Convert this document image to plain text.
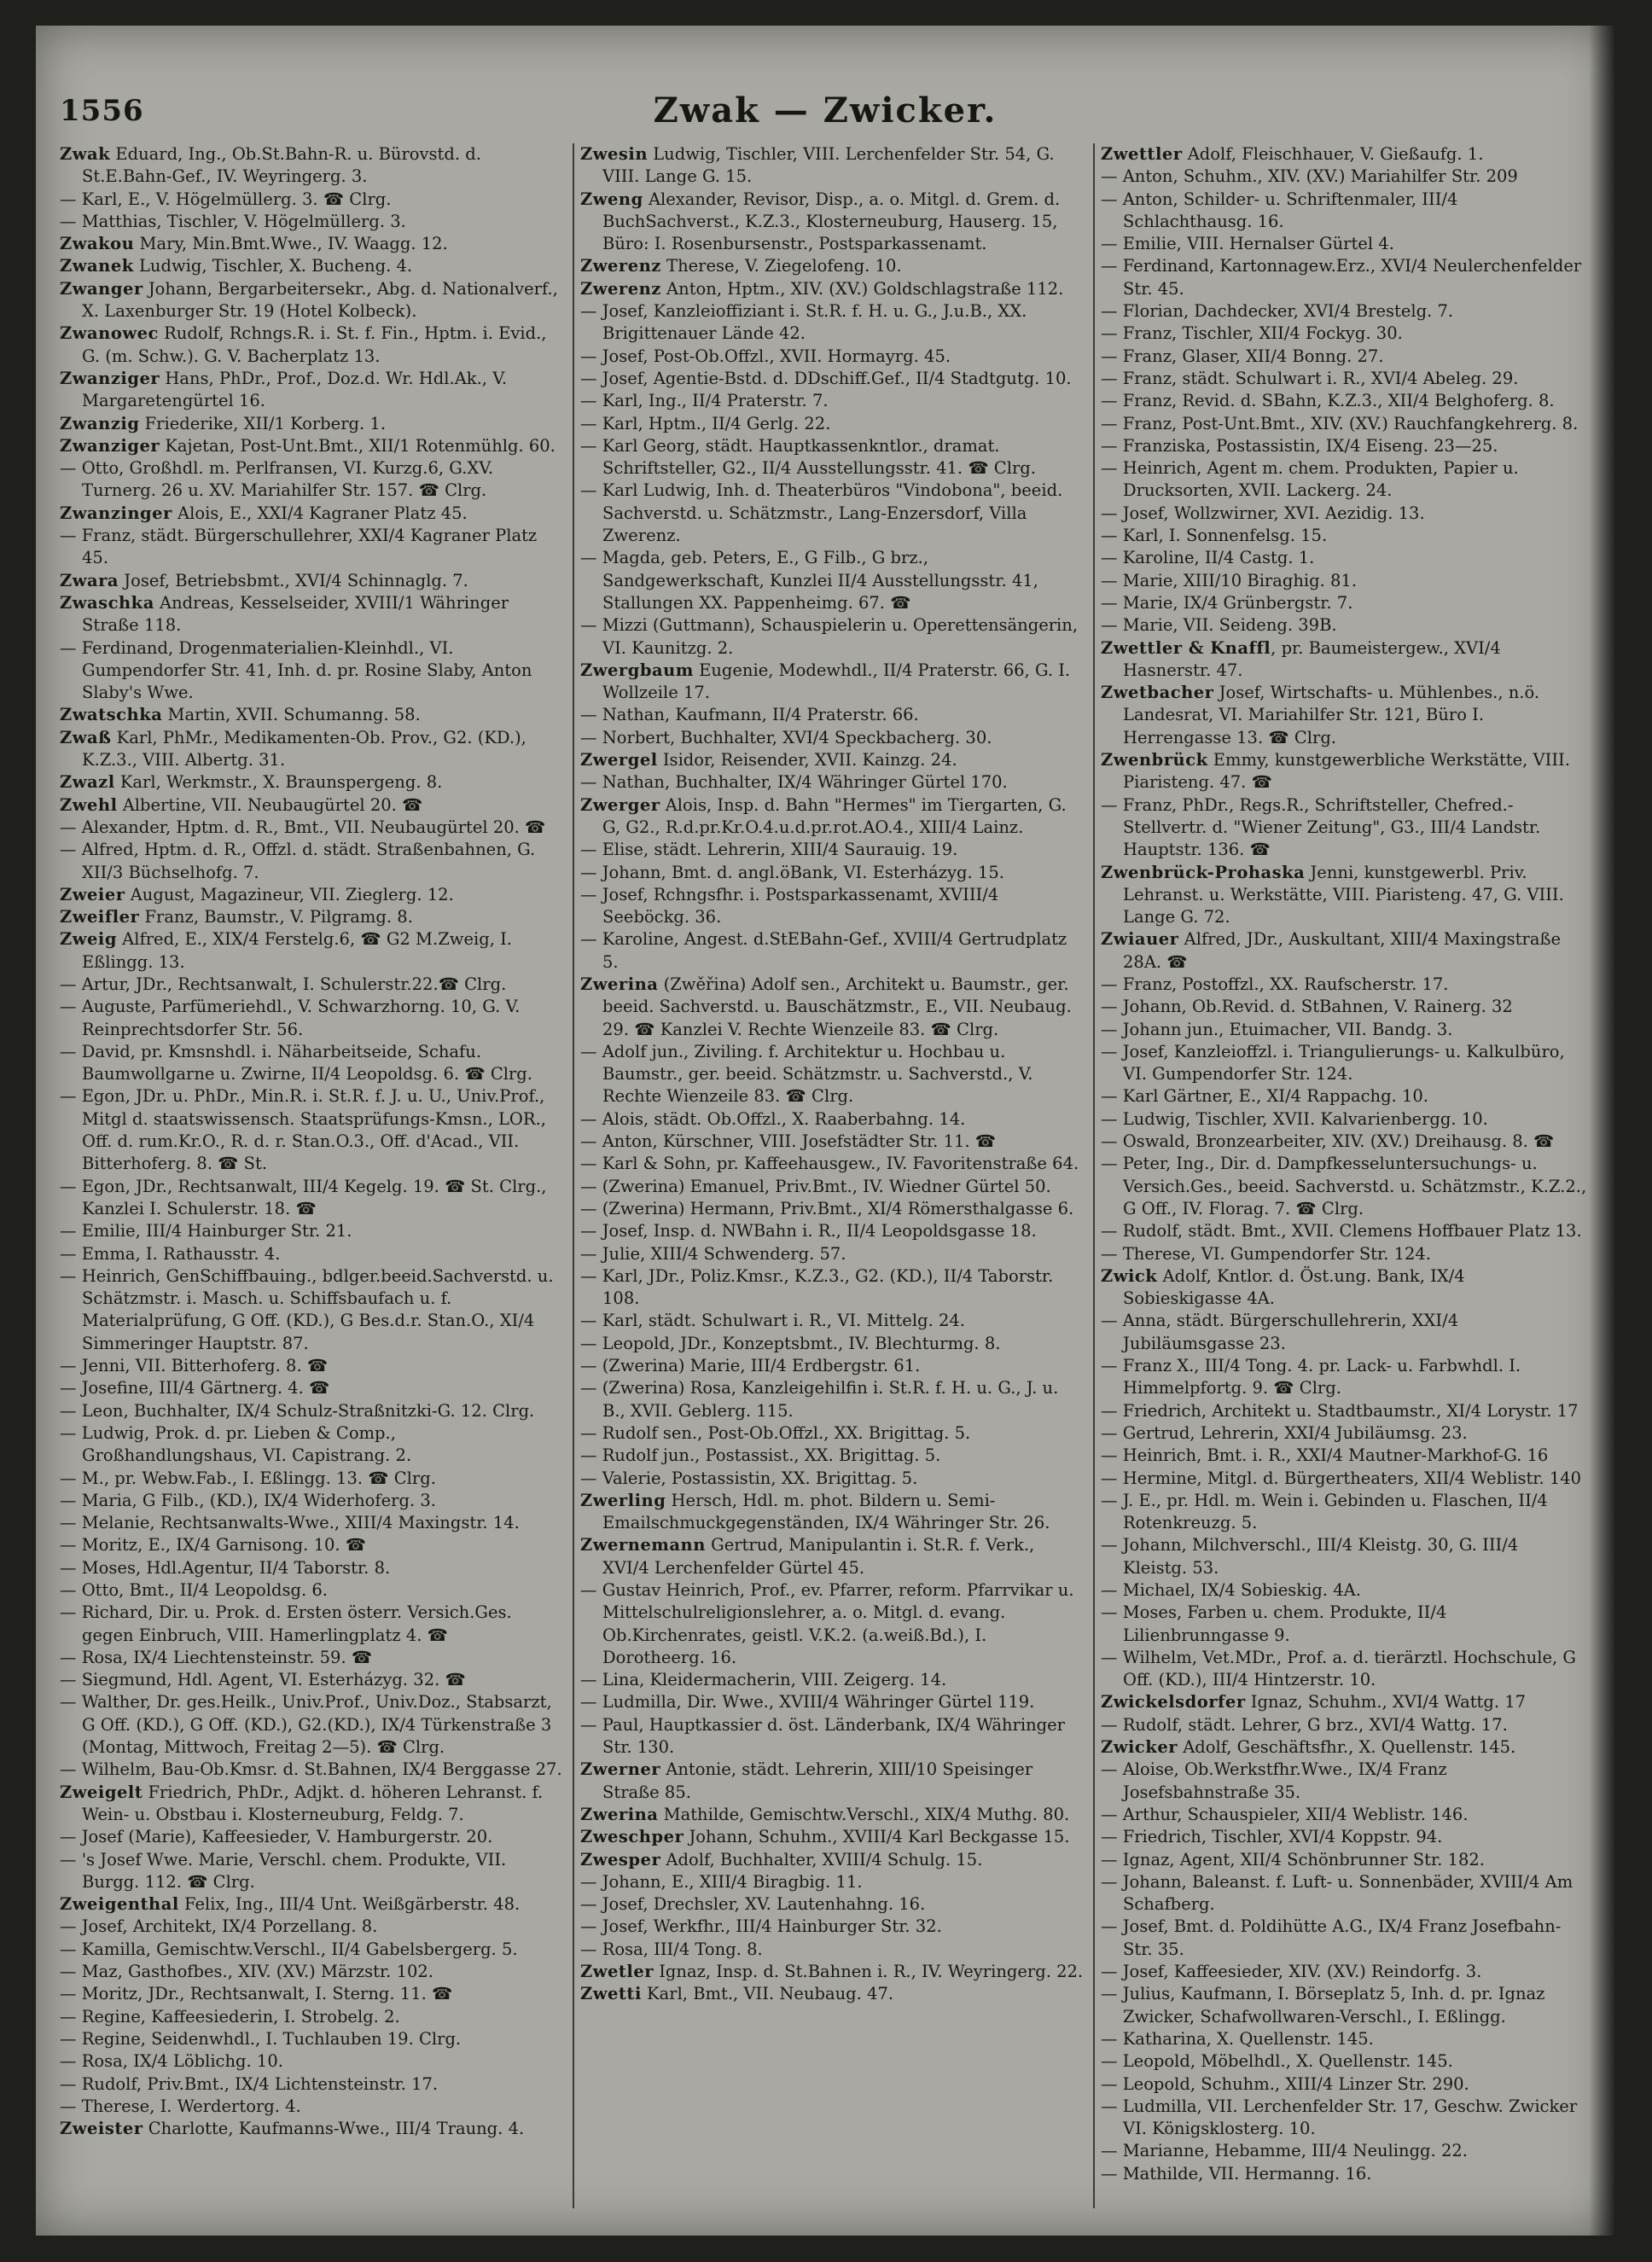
1556	Zwak — Zwicker.

Zwak Eduard, Ing., Ob.St.Bahn-R. u. Bürovstd. d. St.E.Bahn-Gef., IV. Weyringerg. 3.

— Karl, E., V. Högelmüllerg. 3. ☎ Clrg.

— Matthias, Tischler, V. Högelmüllerg. 3.

Zwakou Mary, Min.Bmt.Wwe., IV. Waagg. 12.

Zwanek Ludwig, Tischler, X. Bucheng. 4.

Zwanger Johann, Bergarbeitersekr., Abg. d. Nationalverf., X. Laxenburger Str. 19 (Hotel Kolbeck).

Zwanowec Rudolf, Rchngs.R. i. St. f. Fin., Hptm. i. Evid., G. (m. Schw.). G. V. Bacherplatz 13.

Zwanziger Hans, PhDr., Prof., Doz.d. Wr. Hdl.Ak., V. Margaretengürtel 16.

Zwanzig Friederike, XII/1 Korberg. 1.

Zwanziger Kajetan, Post-Unt.Bmt., XII/1 Rotenmühlg. 60.

— Otto, Großhdl. m. Perlfransen, VI. Kurzg.6, G.XV. Turnerg. 26 u. XV. Mariahilfer Str. 157. ☎ Clrg.

Zwanzinger Alois, E., XXI/4 Kagraner Platz 45.

— Franz, städt. Bürgerschullehrer, XXI/4 Kagraner Platz 45.

Zwara Josef, Betriebsbmt., XVI/4 Schinnaglg. 7.

Zwaschka Andreas, Kesselseider, XVIII/1 Währinger Straße 118.

— Ferdinand, Drogenmaterialien-Kleinhdl., VI. Gumpendorfer Str. 41, Inh. d. pr. Rosine Slaby, Anton Slaby's Wwe.

Zwatschka Martin, XVII. Schumanng. 58.

Zwaß Karl, PhMr., Medikamenten-Ob. Prov., G2. (KD.), K.Z.3., VIII. Albertg. 31.

Zwazl Karl, Werkmstr., X. Braunspergeng. 8.

Zwehl Albertine, VII. Neubaugürtel 20. ☎

— Alexander, Hptm. d. R., Bmt., VII. Neubaugürtel 20. ☎

— Alfred, Hptm. d. R., Offzl. d. städt. Straßenbahnen, G. XII/3 Büchselhofg. 7.

Zweier August, Magazineur, VII. Zieglerg. 12.

Zweifler Franz, Baumstr., V. Pilgramg. 8.

Zweig Alfred, E., XIX/4 Ferstelg.6, ☎ G2 M.Zweig, I. Eßlingg. 13.

— Artur, JDr., Rechtsanwalt, I. Schulerstr.22.☎ Clrg.

— Auguste, Parfümeriehdl., V. Schwarzhorng. 10, G. V. Reinprechtsdorfer Str. 56.

— David, pr. Kmsnshdl. i. Näharbeitseide, Schafu. Baumwollgarne u. Zwirne, II/4 Leopoldsg. 6. ☎ Clrg.

— Egon, JDr. u. PhDr., Min.R. i. St.R. f. J. u. U., Univ.Prof., Mitgl d. staatswissensch. Staatsprüfungs-Kmsn., LOR., Off. d. rum.Kr.O., R. d. r. Stan.O.3., Off. d'Acad., VII. Bitterhoferg. 8. ☎ St.

— Egon, JDr., Rechtsanwalt, III/4 Kegelg. 19. ☎ St. Clrg., Kanzlei I. Schulerstr. 18. ☎

— Emilie, III/4 Hainburger Str. 21.

— Emma, I. Rathausstr. 4.

— Heinrich, GenSchiffbauing., bdlger.beeid.Sachverstd. u. Schätzmstr. i. Masch. u. Schiffsbaufach u. f. Materialprüfung, G Off. (KD.), G Bes.d.r. Stan.O., XI/4 Simmeringer Hauptstr. 87.

— Jenni, VII. Bitterhoferg. 8. ☎

— Josefine, III/4 Gärtnerg. 4. ☎

— Leon, Buchhalter, IX/4 Schulz-Straßnitzki-G. 12. Clrg.

— Ludwig, Prok. d. pr. Lieben & Comp., Großhandlungshaus, VI. Capistrang. 2.

— M., pr. Webw.Fab., I. Eßlingg. 13. ☎ Clrg.

— Maria, G Filb., (KD.), IX/4 Widerhoferg. 3.

— Melanie, Rechtsanwalts-Wwe., XIII/4 Maxingstr. 14.

— Moritz, E., IX/4 Garnisong. 10. ☎

— Moses, Hdl.Agentur, II/4 Taborstr. 8.

— Otto, Bmt., II/4 Leopoldsg. 6.

— Richard, Dir. u. Prok. d. Ersten österr. Versich.Ges. gegen Einbruch, VIII. Hamerlingplatz 4. ☎

— Rosa, IX/4 Liechtensteinstr. 59. ☎

— Siegmund, Hdl. Agent, VI. Esterházyg. 32. ☎

— Walther, Dr. ges.Heilk., Univ.Prof., Univ.Doz., Stabsarzt, G Off. (KD.), G Off. (KD.), G2.(KD.), IX/4 Türkenstraße 3 (Montag, Mittwoch, Freitag 2—5). ☎ Clrg.

— Wilhelm, Bau-Ob.Kmsr. d. St.Bahnen, IX/4 Berggasse 27.

Zweigelt Friedrich, PhDr., Adjkt. d. höheren Lehranst. f. Wein- u. Obstbau i. Klosterneuburg, Feldg. 7.

— Josef (Marie), Kaffeesieder, V. Hamburgerstr. 20.

— 's Josef Wwe. Marie, Verschl. chem. Produkte, VII. Burgg. 112. ☎ Clrg.

Zweigenthal Felix, Ing., III/4 Unt. Weißgärberstr. 48.

— Josef, Architekt, IX/4 Porzellang. 8.

— Kamilla, Gemischtw.Verschl., II/4 Gabelsbergerg. 5.

— Maz, Gasthofbes., XIV. (XV.) Märzstr. 102.

— Moritz, JDr., Rechtsanwalt, I. Sterng. 11. ☎

— Regine, Kaffeesiederin, I. Strobelg. 2.

— Regine, Seidenwhdl., I. Tuchlauben 19. Clrg.

— Rosa, IX/4 Löblichg. 10.

— Rudolf, Priv.Bmt., IX/4 Lichtensteinstr. 17.

— Therese, I. Werdertorg. 4.

Zweister Charlotte, Kaufmanns-Wwe., III/4 Traung. 4.

Zwesin Ludwig, Tischler, VIII. Lerchenfelder Str. 54, G. VIII. Lange G. 15.

Zweng Alexander, Revisor, Disp., a. o. Mitgl. d. Grem. d. BuchSachverst., K.Z.3., Klosterneuburg, Hauserg. 15, Büro: I. Rosenbursenstr., Postsparkassenamt.

Zwerenz Therese, V. Ziegelofeng. 10.

Zwerenz Anton, Hptm., XIV. (XV.) Goldschlagstraße 112.

— Josef, Kanzleioffiziant i. St.R. f. H. u. G., J.u.B., XX. Brigittenauer Lände 42.

— Josef, Post-Ob.Offzl., XVII. Hormayrg. 45.

— Josef, Agentie-Bstd. d. DDschiff.Gef., II/4 Stadtgutg. 10.

— Karl, Ing., II/4 Praterstr. 7.

— Karl, Hptm., II/4 Gerlg. 22.

— Karl Georg, städt. Hauptkassenkntlor., dramat. Schriftsteller, G2., II/4 Ausstellungsstr. 41. ☎ Clrg.

— Karl Ludwig, Inh. d. Theaterbüros "Vindobona", beeid. Sachverstd. u. Schätzmstr., Lang-Enzersdorf, Villa Zwerenz.

— Magda, geb. Peters, E., G Filb., G brz., Sandgewerkschaft, Kunzlei II/4 Ausstellungsstr. 41, Stallungen XX. Pappenheimg. 67. ☎

— Mizzi (Guttmann), Schauspielerin u. Operettensängerin, VI. Kaunitzg. 2.

Zwergbaum Eugenie, Modewhdl., II/4 Praterstr. 66, G. I. Wollzeile 17.

— Nathan, Kaufmann, II/4 Praterstr. 66.

— Norbert, Buchhalter, XVI/4 Speckbacherg. 30.

Zwergel Isidor, Reisender, XVII. Kainzg. 24.

— Nathan, Buchhalter, IX/4 Währinger Gürtel 170.

Zwerger Alois, Insp. d. Bahn "Hermes" im Tiergarten, G. G, G2., R.d.pr.Kr.O.4.u.d.pr.rot.AO.4., XIII/4 Lainz.

— Elise, städt. Lehrerin, XIII/4 Saurauig. 19.

— Johann, Bmt. d. angl.öBank, VI. Esterházyg. 15.

— Josef, Rchngsfhr. i. Postsparkassenamt, XVIII/4 Seeböckg. 36.

— Karoline, Angest. d.StEBahn-Gef., XVIII/4 Gertrudplatz 5.

Zwerina (Zwěřina) Adolf sen., Architekt u. Baumstr., ger. beeid. Sachverstd. u. Bauschätzmstr., E., VII. Neubaug. 29. ☎ Kanzlei V. Rechte Wienzeile 83. ☎ Clrg.

— Adolf jun., Ziviling. f. Architektur u. Hochbau u. Baumstr., ger. beeid. Schätzmstr. u. Sachverstd., V. Rechte Wienzeile 83. ☎ Clrg.

— Alois, städt. Ob.Offzl., X. Raaberbahng. 14.

— Anton, Kürschner, VIII. Josefstädter Str. 11. ☎

— Karl & Sohn, pr. Kaffeehausgew., IV. Favoritenstraße 64.

— (Zwerina) Emanuel, Priv.Bmt., IV. Wiedner Gürtel 50.

— (Zwerina) Hermann, Priv.Bmt., XI/4 Römersthalgasse 6.

— Josef, Insp. d. NWBahn i. R., II/4 Leopoldsgasse 18.

— Julie, XIII/4 Schwenderg. 57.

— Karl, JDr., Poliz.Kmsr., K.Z.3., G2. (KD.), II/4 Taborstr. 108.

— Karl, städt. Schulwart i. R., VI. Mittelg. 24.

— Leopold, JDr., Konzeptsbmt., IV. Blechturmg. 8.

— (Zwerina) Marie, III/4 Erdbergstr. 61.

— (Zwerina) Rosa, Kanzleigehilfin i. St.R. f. H. u. G., J. u. B., XVII. Geblerg. 115.

— Rudolf sen., Post-Ob.Offzl., XX. Brigittag. 5.

— Rudolf jun., Postassist., XX. Brigittag. 5.

— Valerie, Postassistin, XX. Brigittag. 5.

Zwerling Hersch, Hdl. m. phot. Bildern u. Semi-Emailschmuckgegenständen, IX/4 Währinger Str. 26.

Zwernemann Gertrud, Manipulantin i. St.R. f. Verk., XVI/4 Lerchenfelder Gürtel 45.

— Gustav Heinrich, Prof., ev. Pfarrer, reform. Pfarrvikar u. Mittelschulreligionslehrer, a. o. Mitgl. d. evang. Ob.Kirchenrates, geistl. V.K.2. (a.weiß.Bd.), I. Dorotheerg. 16.

— Lina, Kleidermacherin, VIII. Zeigerg. 14.

— Ludmilla, Dir. Wwe., XVIII/4 Währinger Gürtel 119.

— Paul, Hauptkassier d. öst. Länderbank, IX/4 Währinger Str. 130.

Zwerner Antonie, städt. Lehrerin, XIII/10 Speisinger Straße 85.

Zwerina Mathilde, Gemischtw.Verschl., XIX/4 Muthg. 80.

Zweschper Johann, Schuhm., XVIII/4 Karl Beckgasse 15.

Zwesper Adolf, Buchhalter, XVIII/4 Schulg. 15.

— Johann, E., XIII/4 Biragbig. 11.

— Josef, Drechsler, XV. Lautenhahng. 16.

— Josef, Werkfhr., III/4 Hainburger Str. 32.

— Rosa, III/4 Tong. 8.

Zwetler Ignaz, Insp. d. St.Bahnen i. R., IV. Weyringerg. 22.

Zwetti Karl, Bmt., VII. Neubaug. 47.

Zwettler Adolf, Fleischhauer, V. Gießaufg. 1.

— Anton, Schuhm., XIV. (XV.) Mariahilfer Str. 209

— Anton, Schilder- u. Schriftenmaler, III/4 Schlachthausg. 16.

— Emilie, VIII. Hernalser Gürtel 4.

— Ferdinand, Kartonnagew.Erz., XVI/4 Neulerchenfelder Str. 45.

— Florian, Dachdecker, XVI/4 Brestelg. 7.

— Franz, Tischler, XII/4 Fockyg. 30.

— Franz, Glaser, XII/4 Bonng. 27.

— Franz, städt. Schulwart i. R., XVI/4 Abeleg. 29.

— Franz, Revid. d. SBahn, K.Z.3., XII/4 Belghoferg. 8.

— Franz, Post-Unt.Bmt., XIV. (XV.) Rauchfangkehrerg. 8.

— Franziska, Postassistin, IX/4 Eiseng. 23—25.

— Heinrich, Agent m. chem. Produkten, Papier u. Drucksorten, XVII. Lackerg. 24.

— Josef, Wollzwirner, XVI. Aezidig. 13.

— Karl, I. Sonnenfelsg. 15.

— Karoline, II/4 Castg. 1.

— Marie, XIII/10 Biraghig. 81.

— Marie, IX/4 Grünbergstr. 7.

— Marie, VII. Seideng. 39B.

Zwettler & Knaffl, pr. Baumeistergew., XVI/4 Hasnerstr. 47.

Zwetbacher Josef, Wirtschafts- u. Mühlenbes., n.ö. Landesrat, VI. Mariahilfer Str. 121, Büro I. Herrengasse 13. ☎ Clrg.

Zwenbrück Emmy, kunstgewerbliche Werkstätte, VIII. Piaristeng. 47. ☎

— Franz, PhDr., Regs.R., Schriftsteller, Chefred.-Stellvertr. d. "Wiener Zeitung", G3., III/4 Landstr. Hauptstr. 136. ☎

Zwenbrück-Prohaska Jenni, kunstgewerbl. Priv. Lehranst. u. Werkstätte, VIII. Piaristeng. 47, G. VIII. Lange G. 72.

Zwiauer Alfred, JDr., Auskultant, XIII/4 Maxingstraße 28A. ☎

— Franz, Postoffzl., XX. Raufscherstr. 17.

— Johann, Ob.Revid. d. StBahnen, V. Rainerg. 32

— Johann jun., Etuimacher, VII. Bandg. 3.

— Josef, Kanzleioffzl. i. Triangulierungs- u. Kalkulbüro, VI. Gumpendorfer Str. 124.

— Karl Gärtner, E., XI/4 Rappachg. 10.

— Ludwig, Tischler, XVII. Kalvarienbergg. 10.

— Oswald, Bronzearbeiter, XIV. (XV.) Dreihausg. 8. ☎

— Peter, Ing., Dir. d. Dampfkesseluntersuchungs- u. Versich.Ges., beeid. Sachverstd. u. Schätzmstr., K.Z.2., G Off., IV. Florag. 7. ☎ Clrg.

— Rudolf, städt. Bmt., XVII. Clemens Hoffbauer Platz 13.

— Therese, VI. Gumpendorfer Str. 124.

Zwick Adolf, Kntlor. d. Öst.ung. Bank, IX/4 Sobieskigasse 4A.

— Anna, städt. Bürgerschullehrerin, XXI/4 Jubiläumsgasse 23.

— Franz X., III/4 Tong. 4. pr. Lack- u. Farbwhdl. I. Himmelpfortg. 9. ☎ Clrg.

— Friedrich, Architekt u. Stadtbaumstr., XI/4 Lorystr. 17

— Gertrud, Lehrerin, XXI/4 Jubiläumsg. 23.

— Heinrich, Bmt. i. R., XXI/4 Mautner-Markhof-G. 16

— Hermine, Mitgl. d. Bürgertheaters, XII/4 Weblistr. 140

— J. E., pr. Hdl. m. Wein i. Gebinden u. Flaschen, II/4 Rotenkreuzg. 5.

— Johann, Milchverschl., III/4 Kleistg. 30, G. III/4 Kleistg. 53.

— Michael, IX/4 Sobieskig. 4A.

— Moses, Farben u. chem. Produkte, II/4 Lilienbrunngasse 9.

— Wilhelm, Vet.MDr., Prof. a. d. tierärztl. Hochschule, G Off. (KD.), III/4 Hintzerstr. 10.

Zwickelsdorfer Ignaz, Schuhm., XVI/4 Wattg. 17

— Rudolf, städt. Lehrer, G brz., XVI/4 Wattg. 17.

Zwicker Adolf, Geschäftsfhr., X. Quellenstr. 145.

— Aloise, Ob.Werkstfhr.Wwe., IX/4 Franz Josefsbahnstraße 35.

— Arthur, Schauspieler, XII/4 Weblistr. 146.

— Friedrich, Tischler, XVI/4 Koppstr. 94.

— Ignaz, Agent, XII/4 Schönbrunner Str. 182.

— Johann, Baleanst. f. Luft- u. Sonnenbäder, XVIII/4 Am Schafberg.

— Josef, Bmt. d. Poldihütte A.G., IX/4 Franz Josefbahn-Str. 35.

— Josef, Kaffeesieder, XIV. (XV.) Reindorfg. 3.

— Julius, Kaufmann, I. Börseplatz 5, Inh. d. pr. Ignaz Zwicker, Schafwollwaren-Verschl., I. Eßlingg.

— Katharina, X. Quellenstr. 145.

— Leopold, Möbelhdl., X. Quellenstr. 145.

— Leopold, Schuhm., XIII/4 Linzer Str. 290.

— Ludmilla, VII. Lerchenfelder Str. 17, Geschw. Zwicker VI. Königsklosterg. 10.

— Marianne, Hebamme, III/4 Neulingg. 22.

— Mathilde, VII. Hermanng. 16.
